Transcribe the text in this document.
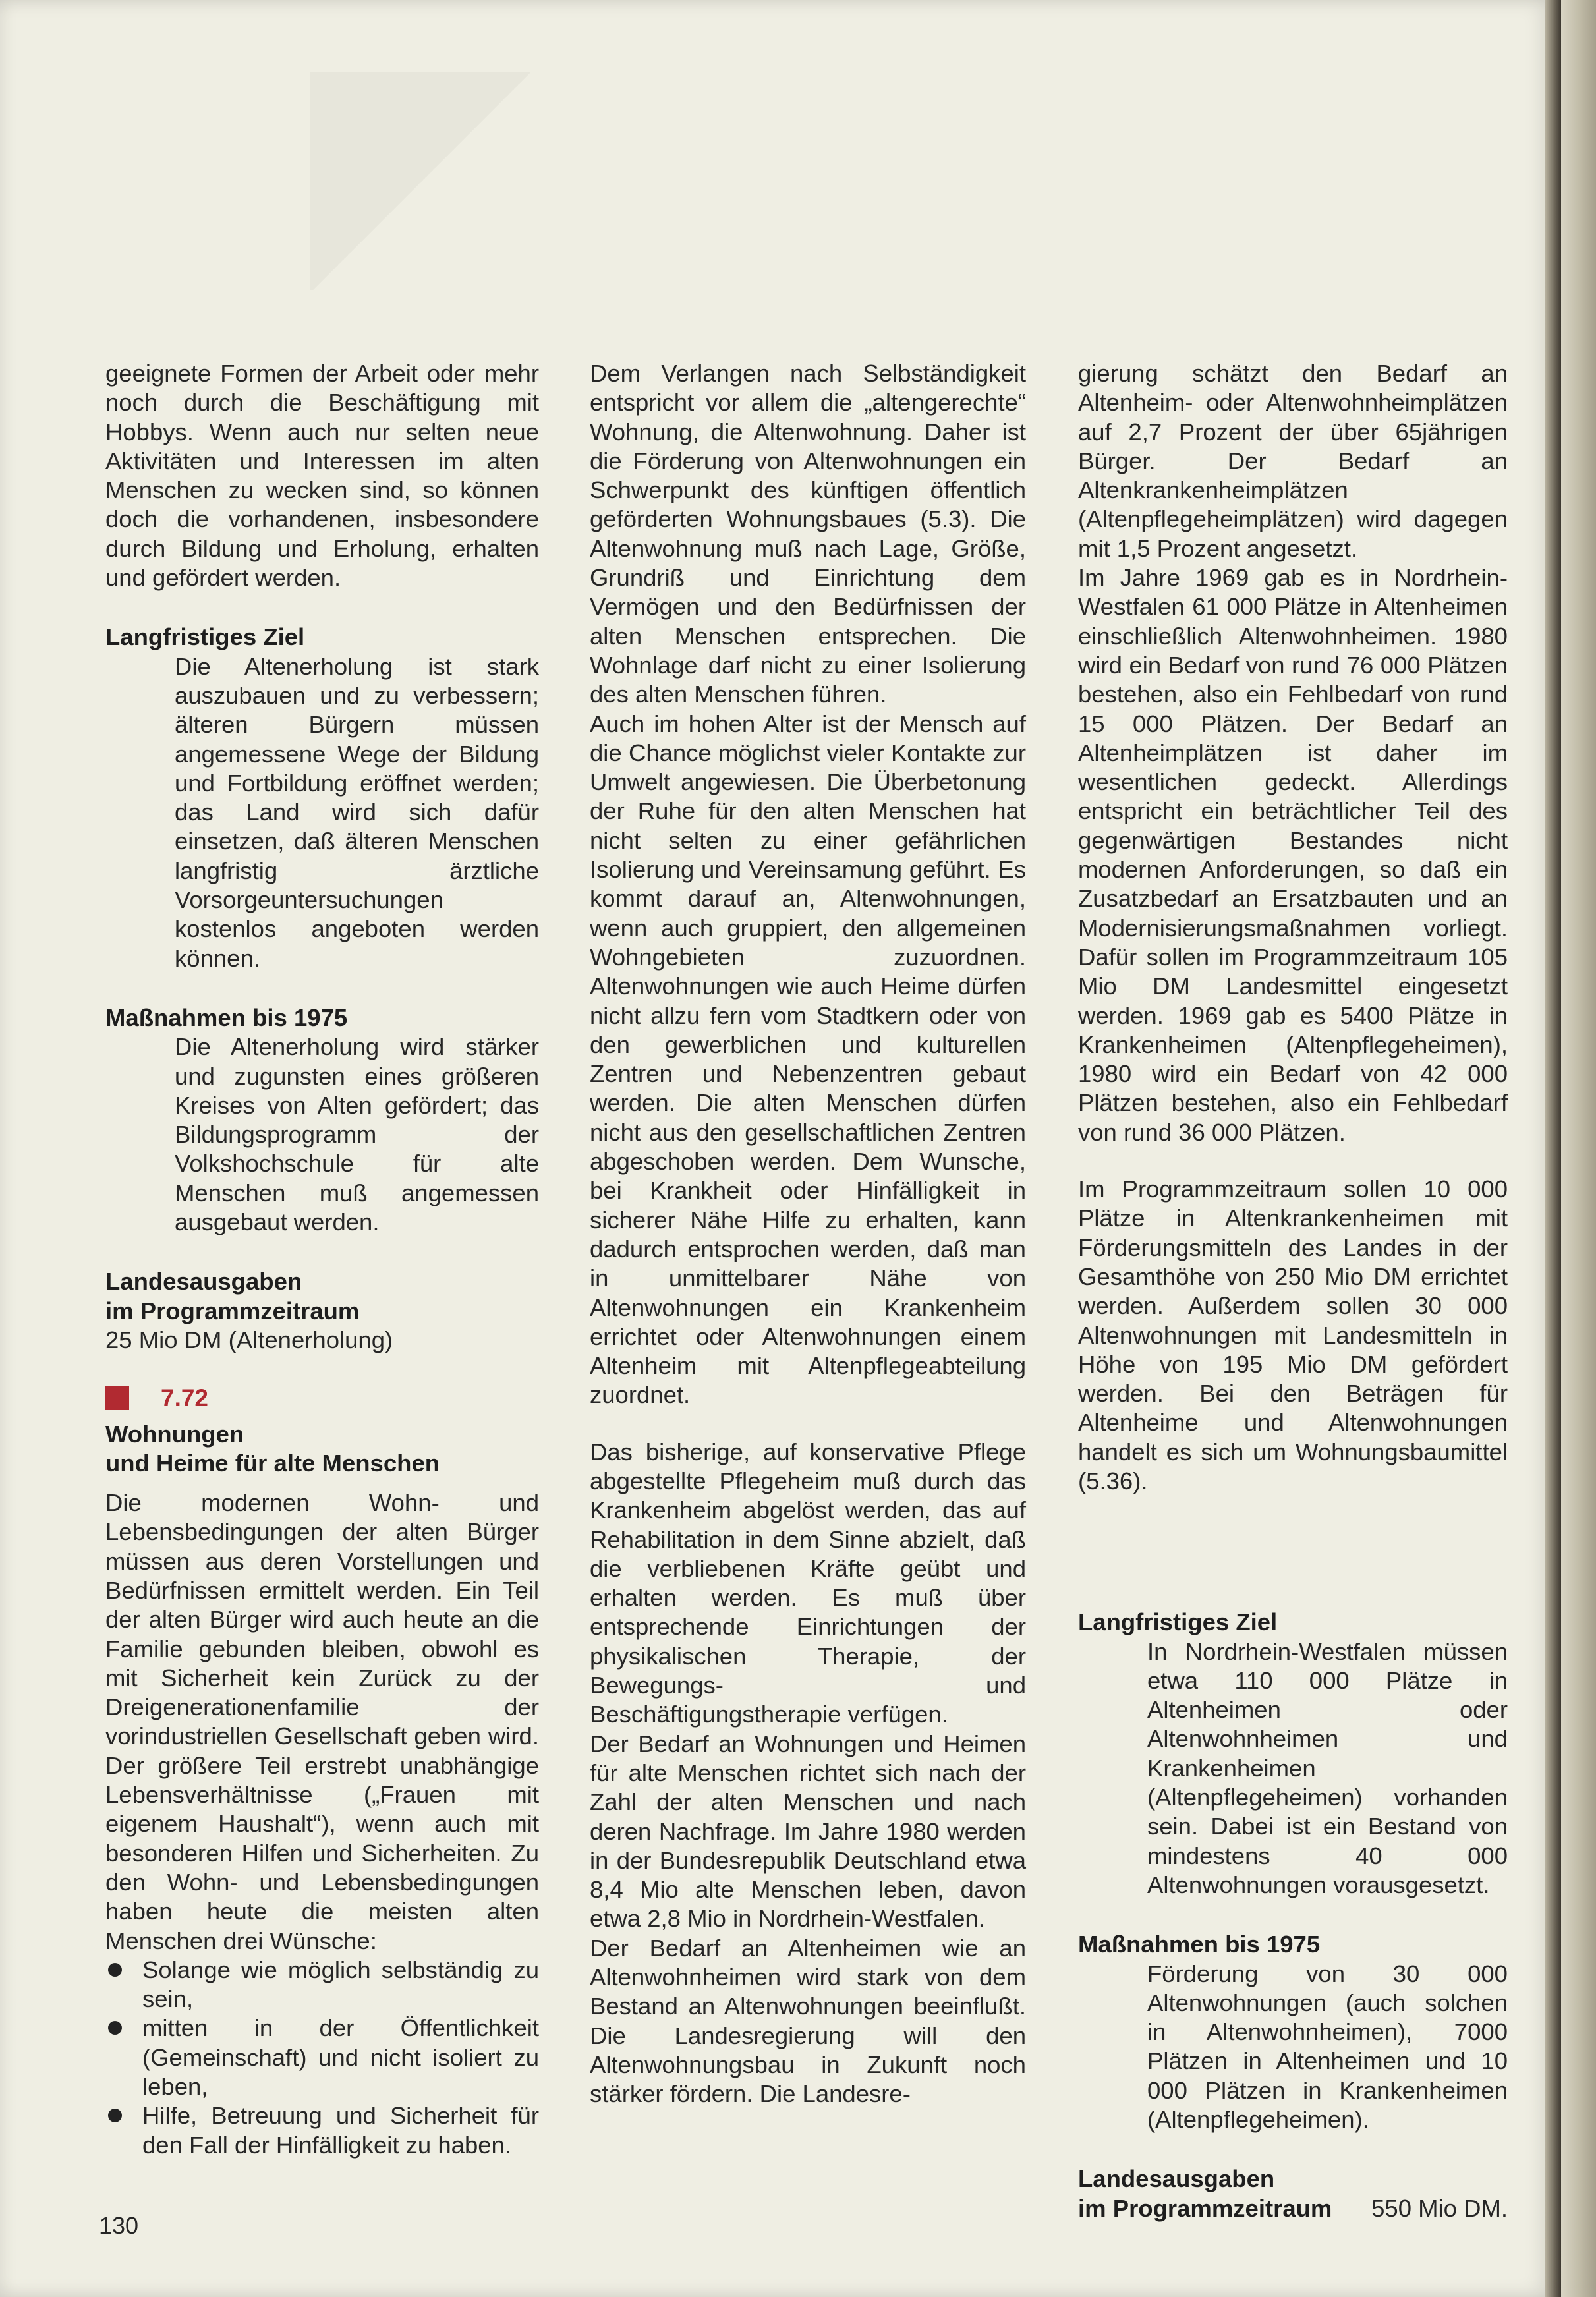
geeignete Formen der Arbeit oder mehr noch durch die Beschäftigung mit Hobbys. Wenn auch nur selten neue Aktivitäten und Interessen im alten Menschen zu wecken sind, so können doch die vorhandenen, insbesondere durch Bildung und Erholung, erhalten und gefördert werden.

Langfristiges Ziel

Die Altenerholung ist stark auszubauen und zu verbessern; älteren Bürgern müssen angemessene Wege der Bildung und Fortbildung eröffnet werden; das Land wird sich dafür einsetzen, daß älteren Menschen langfristig ärztliche Vorsorgeuntersuchungen kostenlos angeboten werden können.

Maßnahmen bis 1975

Die Altenerholung wird stärker und zugunsten eines größeren Kreises von Alten gefördert; das Bildungsprogramm der Volkshochschule für alte Menschen muß angemessen ausgebaut werden.

Landesausgaben

im Programmzeitraum

25 Mio DM (Altenerholung)

7.72

Wohnungen

und Heime für alte Menschen

Die modernen Wohn- und Lebensbedingungen der alten Bürger müssen aus deren Vorstellungen und Bedürfnissen ermittelt werden. Ein Teil der alten Bürger wird auch heute an die Familie gebunden bleiben, obwohl es mit Sicherheit kein Zurück zu der Dreigenerationenfamilie der vorindustriellen Gesellschaft geben wird. Der größere Teil erstrebt unabhängige Lebensverhältnisse („Frauen mit eigenem Haushalt“), wenn auch mit besonderen Hilfen und Sicherheiten. Zu den Wohn- und Lebensbedingungen haben heute die meisten alten Menschen drei Wünsche:

Solange wie möglich selbständig zu sein,
mitten in der Öffentlichkeit (Gemeinschaft) und nicht isoliert zu leben,
Hilfe, Betreuung und Sicherheit für den Fall der Hinfälligkeit zu haben.

Dem Verlangen nach Selbständigkeit entspricht vor allem die „altengerechte“ Wohnung, die Altenwohnung. Daher ist die Förderung von Altenwohnungen ein Schwerpunkt des künftigen öffentlich geförderten Wohnungsbaues (5.3). Die Altenwohnung muß nach Lage, Größe, Grundriß und Einrichtung dem Vermögen und den Bedürfnissen der alten Menschen entsprechen. Die Wohnlage darf nicht zu einer Isolierung des alten Menschen führen.

Auch im hohen Alter ist der Mensch auf die Chance möglichst vieler Kontakte zur Umwelt angewiesen. Die Überbetonung der Ruhe für den alten Menschen hat nicht selten zu einer gefährlichen Isolierung und Vereinsamung geführt. Es kommt darauf an, Altenwohnungen, wenn auch gruppiert, den allgemeinen Wohngebieten zuzuordnen. Altenwohnungen wie auch Heime dürfen nicht allzu fern vom Stadtkern oder von den gewerblichen und kulturellen Zentren und Nebenzentren gebaut werden. Die alten Menschen dürfen nicht aus den gesellschaftlichen Zentren abgeschoben werden. Dem Wunsche, bei Krankheit oder Hinfälligkeit in sicherer Nähe Hilfe zu erhalten, kann dadurch entsprochen werden, daß man in unmittelbarer Nähe von Altenwohnungen ein Krankenheim errichtet oder Altenwohnungen einem Altenheim mit Altenpflegeabteilung zuordnet.

Das bisherige, auf konservative Pflege abgestellte Pflegeheim muß durch das Krankenheim abgelöst werden, das auf Rehabilitation in dem Sinne abzielt, daß die verbliebenen Kräfte geübt und erhalten werden. Es muß über entsprechende Einrichtungen der physikalischen Therapie, der Bewegungs- und Beschäftigungstherapie verfügen.

Der Bedarf an Wohnungen und Heimen für alte Menschen richtet sich nach der Zahl der alten Menschen und nach deren Nachfrage. Im Jahre 1980 werden in der Bundesrepublik Deutschland etwa 8,4 Mio alte Menschen leben, davon etwa 2,8 Mio in Nordrhein-Westfalen.

Der Bedarf an Altenheimen wie an Altenwohnheimen wird stark von dem Bestand an Altenwohnungen beeinflußt. Die Landesregierung will den Altenwohnungsbau in Zukunft noch stärker fördern. Die Landesre-

gierung schätzt den Bedarf an Altenheim- oder Altenwohnheimplätzen auf 2,7 Prozent der über 65jährigen Bürger. Der Bedarf an Altenkrankenheimplätzen (Altenpflegeheimplätzen) wird dagegen mit 1,5 Prozent angesetzt.

Im Jahre 1969 gab es in Nordrhein-Westfalen 61 000 Plätze in Altenheimen einschließlich Altenwohnheimen. 1980 wird ein Bedarf von rund 76 000 Plätzen bestehen, also ein Fehlbedarf von rund 15 000 Plätzen. Der Bedarf an Altenheimplätzen ist daher im wesentlichen gedeckt. Allerdings entspricht ein beträchtlicher Teil des gegenwärtigen Bestandes nicht modernen Anforderungen, so daß ein Zusatzbedarf an Ersatzbauten und an Modernisierungsmaßnahmen vorliegt. Dafür sollen im Programmzeitraum 105 Mio DM Landesmittel eingesetzt werden. 1969 gab es 5400 Plätze in Krankenheimen (Altenpflegeheimen), 1980 wird ein Bedarf von 42 000 Plätzen bestehen, also ein Fehlbedarf von rund 36 000 Plätzen.

Im Programmzeitraum sollen 10 000 Plätze in Altenkrankenheimen mit Förderungsmitteln des Landes in der Gesamthöhe von 250 Mio DM errichtet werden. Außerdem sollen 30 000 Altenwohnungen mit Landesmitteln in Höhe von 195 Mio DM gefördert werden. Bei den Beträgen für Altenheime und Altenwohnungen handelt es sich um Wohnungsbaumittel (5.36).

Langfristiges Ziel

In Nordrhein-Westfalen müssen etwa 110 000 Plätze in Altenheimen oder Altenwohnheimen und Krankenheimen (Altenpflegeheimen) vorhanden sein. Dabei ist ein Bestand von mindestens 40 000 Altenwohnungen vorausgesetzt.

Maßnahmen bis 1975

Förderung von 30 000 Altenwohnungen (auch solchen in Altenwohnheimen), 7000 Plätzen in Altenheimen und 10 000 Plätzen in Krankenheimen (Altenpflegeheimen).

Landesausgaben

im Programmzeitraum 550 Mio DM.

130
